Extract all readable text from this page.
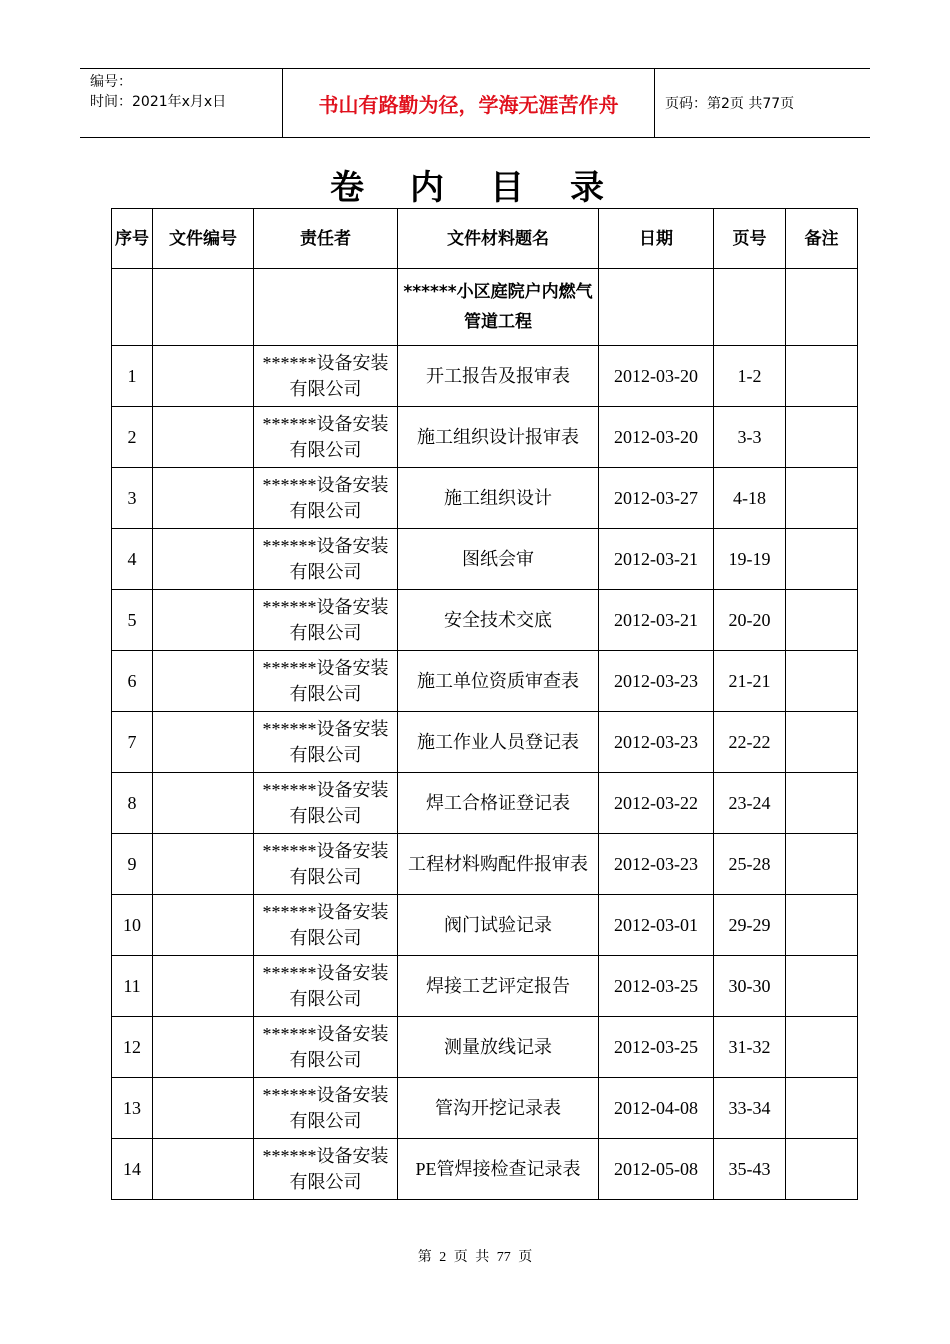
编号：
时间：2021年x月x日	书山有路勤为径，学海无涯苦作舟	页码：第2页 共77页
卷内目录
序号	文件编号	责任者	文件材料题名	日期	页号	备注
			******小区庭院户内燃气管道工程			
1		******设备安装有限公司	开工报告及报审表	2012-03-20	1-2	
2		******设备安装有限公司	施工组织设计报审表	2012-03-20	3-3	
3		******设备安装有限公司	施工组织设计	2012-03-27	4-18	
4		******设备安装有限公司	图纸会审	2012-03-21	19-19	
5		******设备安装有限公司	安全技术交底	2012-03-21	20-20	
6		******设备安装有限公司	施工单位资质审查表	2012-03-23	21-21	
7		******设备安装有限公司	施工作业人员登记表	2012-03-23	22-22	
8		******设备安装有限公司	焊工合格证登记表	2012-03-22	23-24	
9		******设备安装有限公司	工程材料购配件报审表	2012-03-23	25-28	
10		******设备安装有限公司	阀门试验记录	2012-03-01	29-29	
11		******设备安装有限公司	焊接工艺评定报告	2012-03-25	30-30	
12		******设备安装有限公司	测量放线记录	2012-03-25	31-32	
13		******设备安装有限公司	管沟开挖记录表	2012-04-08	33-34	
14		******设备安装有限公司	PE管焊接检查记录表	2012-05-08	35-43	
第 2 页 共 77 页
